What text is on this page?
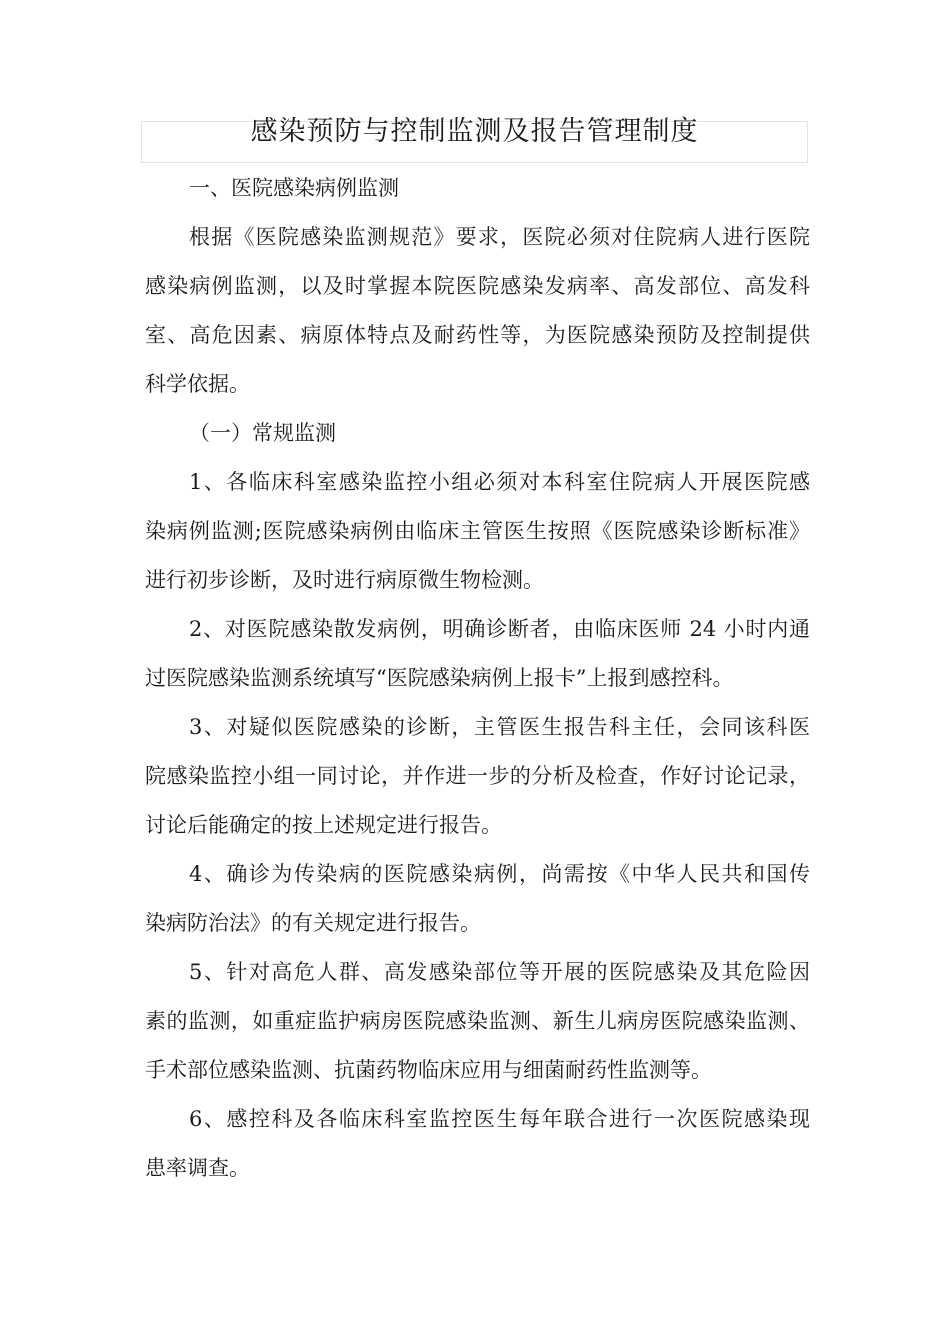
感染预防与控制监测及报告管理制度
一、医院感染病例监测
根据《医院感染监测规范》要求，医院必须对住院病人进行医院
感染病例监测，以及时掌握本院医院感染发病率、高发部位、高发科
室、高危因素、病原体特点及耐药性等，为医院感染预防及控制提供
科学依据。
（一）常规监测
1、各临床科室感染监控小组必须对本科室住院病人开展医院感
染病例监测;医院感染病例由临床主管医生按照《医院感染诊断标准》
进行初步诊断，及时进行病原微生物检测。
2、对医院感染散发病例，明确诊断者，由临床医师 24 小时内通
过医院感染监测系统填写“医院感染病例上报卡”上报到感控科。
3、对疑似医院感染的诊断，主管医生报告科主任，会同该科医
院感染监控小组一同讨论，并作进一步的分析及检查，作好讨论记录，
讨论后能确定的按上述规定进行报告。
4、确诊为传染病的医院感染病例，尚需按《中华人民共和国传
染病防治法》的有关规定进行报告。
5、针对高危人群、高发感染部位等开展的医院感染及其危险因
素的监测，如重症监护病房医院感染监测、新生儿病房医院感染监测、
手术部位感染监测、抗菌药物临床应用与细菌耐药性监测等。
6、感控科及各临床科室监控医生每年联合进行一次医院感染现
患率调查。
